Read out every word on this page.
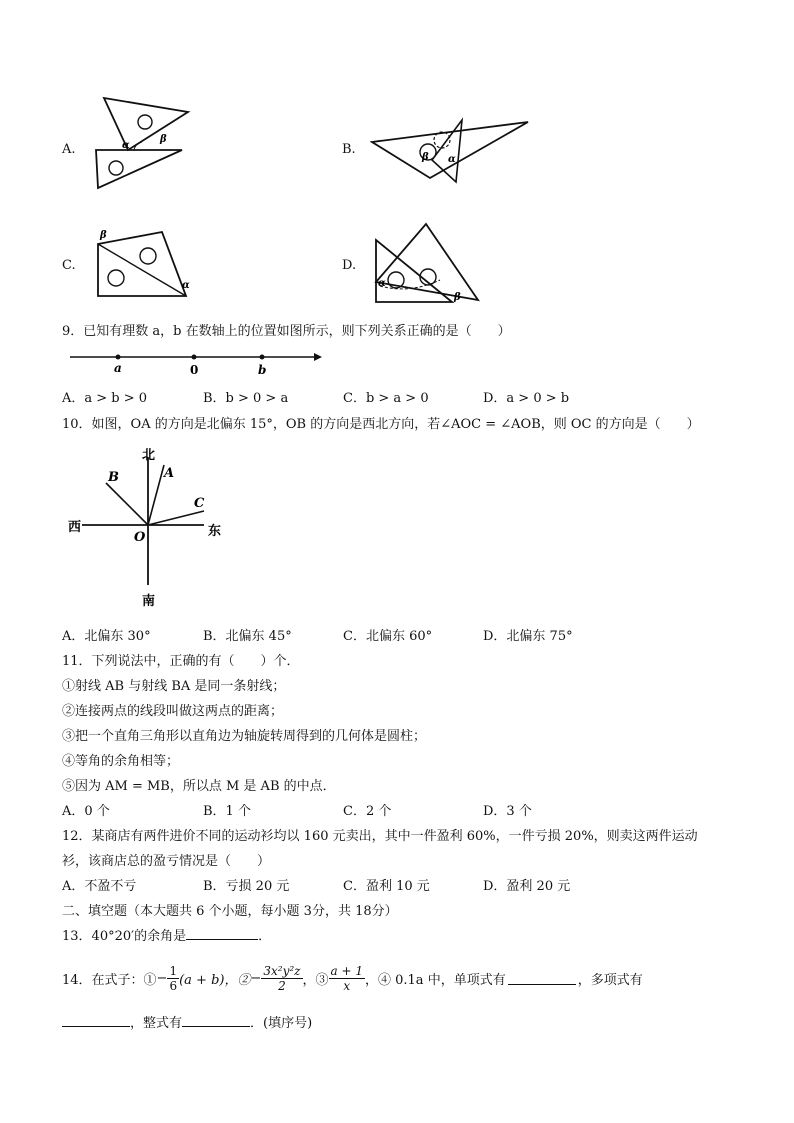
A.	α
β
B.
β α
C.
β
α
D.
α
β
9．已知有理数 a，b 在数轴上的位置如图所示，则下列关系正确的是（　　）
a	0	b
A．a > b > 0	B．b > 0 > a	C．b > a > 0	D．a > 0 > b
10．如图，OA 的方向是北偏东 15°，OB 的方向是西北方向，若∠AOC = ∠AOB，则 OC 的方向是（　　）
北
南
东
西
O
A
B
C
A．北偏东 30°	B．北偏东 45°	C．北偏东 60°	D．北偏东 75°
11．下列说法中，正确的有（　　）个．
①射线 AB 与射线 BA 是同一条射线；
②连接两点的线段叫做这两点的距离；
③把一个直角三角形以直角边为轴旋转周得到的几何体是圆柱；
④等角的余角相等；
⑤因为 AM = MB，所以点 M 是 AB 的中点．
A．0 个	B．1 个	C．2 个	D．3 个
12．某商店有两件进价不同的运动衫均以 160 元卖出，其中一件盈利 60%，一件亏损 20%，则卖这两件运动
衫，该商店总的盈亏情况是（　　）
A．不盈不亏	B．亏损 20 元	C．盈利 10 元	D．盈利 20 元
二、填空题（本大题共 6 个小题，每小题 3分，共 18分）
13．40°20′的余角是	．
14．在式子：① − $\frac{1}{6} (a + b)$，② − $\frac{\text{3x²y²z}}{2}$ ，③ $\frac{a + 1}{x}$ ，④ 0.1a 中，单项式有	，多项式有
，整式有	．(填序号)
